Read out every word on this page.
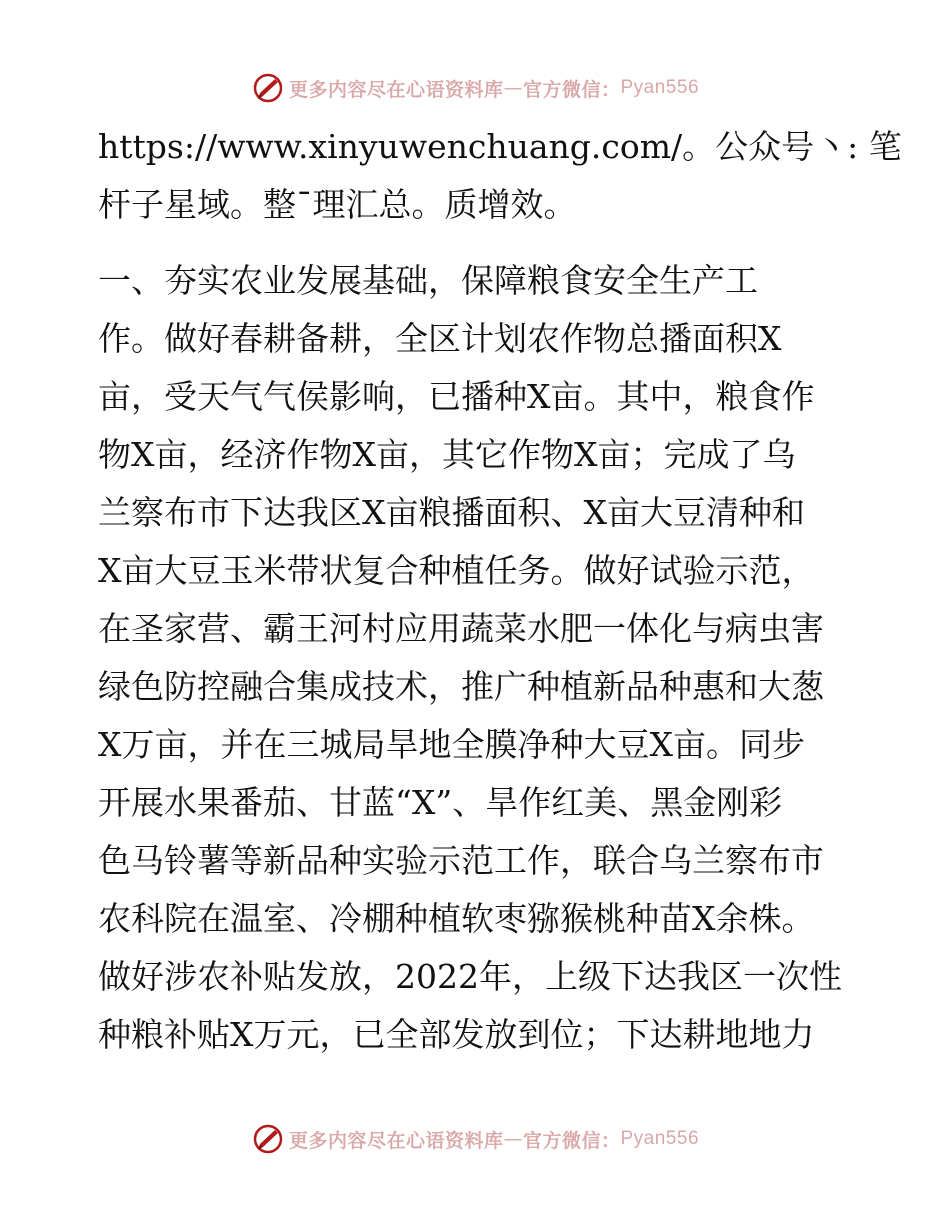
更多内容尽在心语资料库 — 官方微信： Pyan556
https://www.xinyuwenchuang.com/。公众号丶: 笔
杆子星域。整¯理汇总。质增效。
一、夯实农业发展基础，保障粮食安全生产工
作。做好春耕备耕，全区计划农作物总播面积X
亩，受天气气侯影响，已播种X亩。其中，粮食作
物X亩，经济作物X亩，其它作物X亩；完成了乌
兰察布市下达我区X亩粮播面积、X亩大豆清种和
X亩大豆玉米带状复合种植任务。做好试验示范，
在圣家营、霸王河村应用蔬菜水肥一体化与病虫害
绿色防控融合集成技术，推广种植新品种惠和大葱
X万亩，并在三城局旱地全膜净种大豆X亩。同步
开展水果番茄、甘蓝“X”、旱作红美、黑金刚彩
色马铃薯等新品种实验示范工作，联合乌兰察布市
农科院在温室、冷棚种植软枣猕猴桃种苗X余株。
做好涉农补贴发放，2022年，上级下达我区一次性
种粮补贴X万元，已全部发放到位；下达耕地地力
更多内容尽在心语资料库 — 官方微信： Pyan556
